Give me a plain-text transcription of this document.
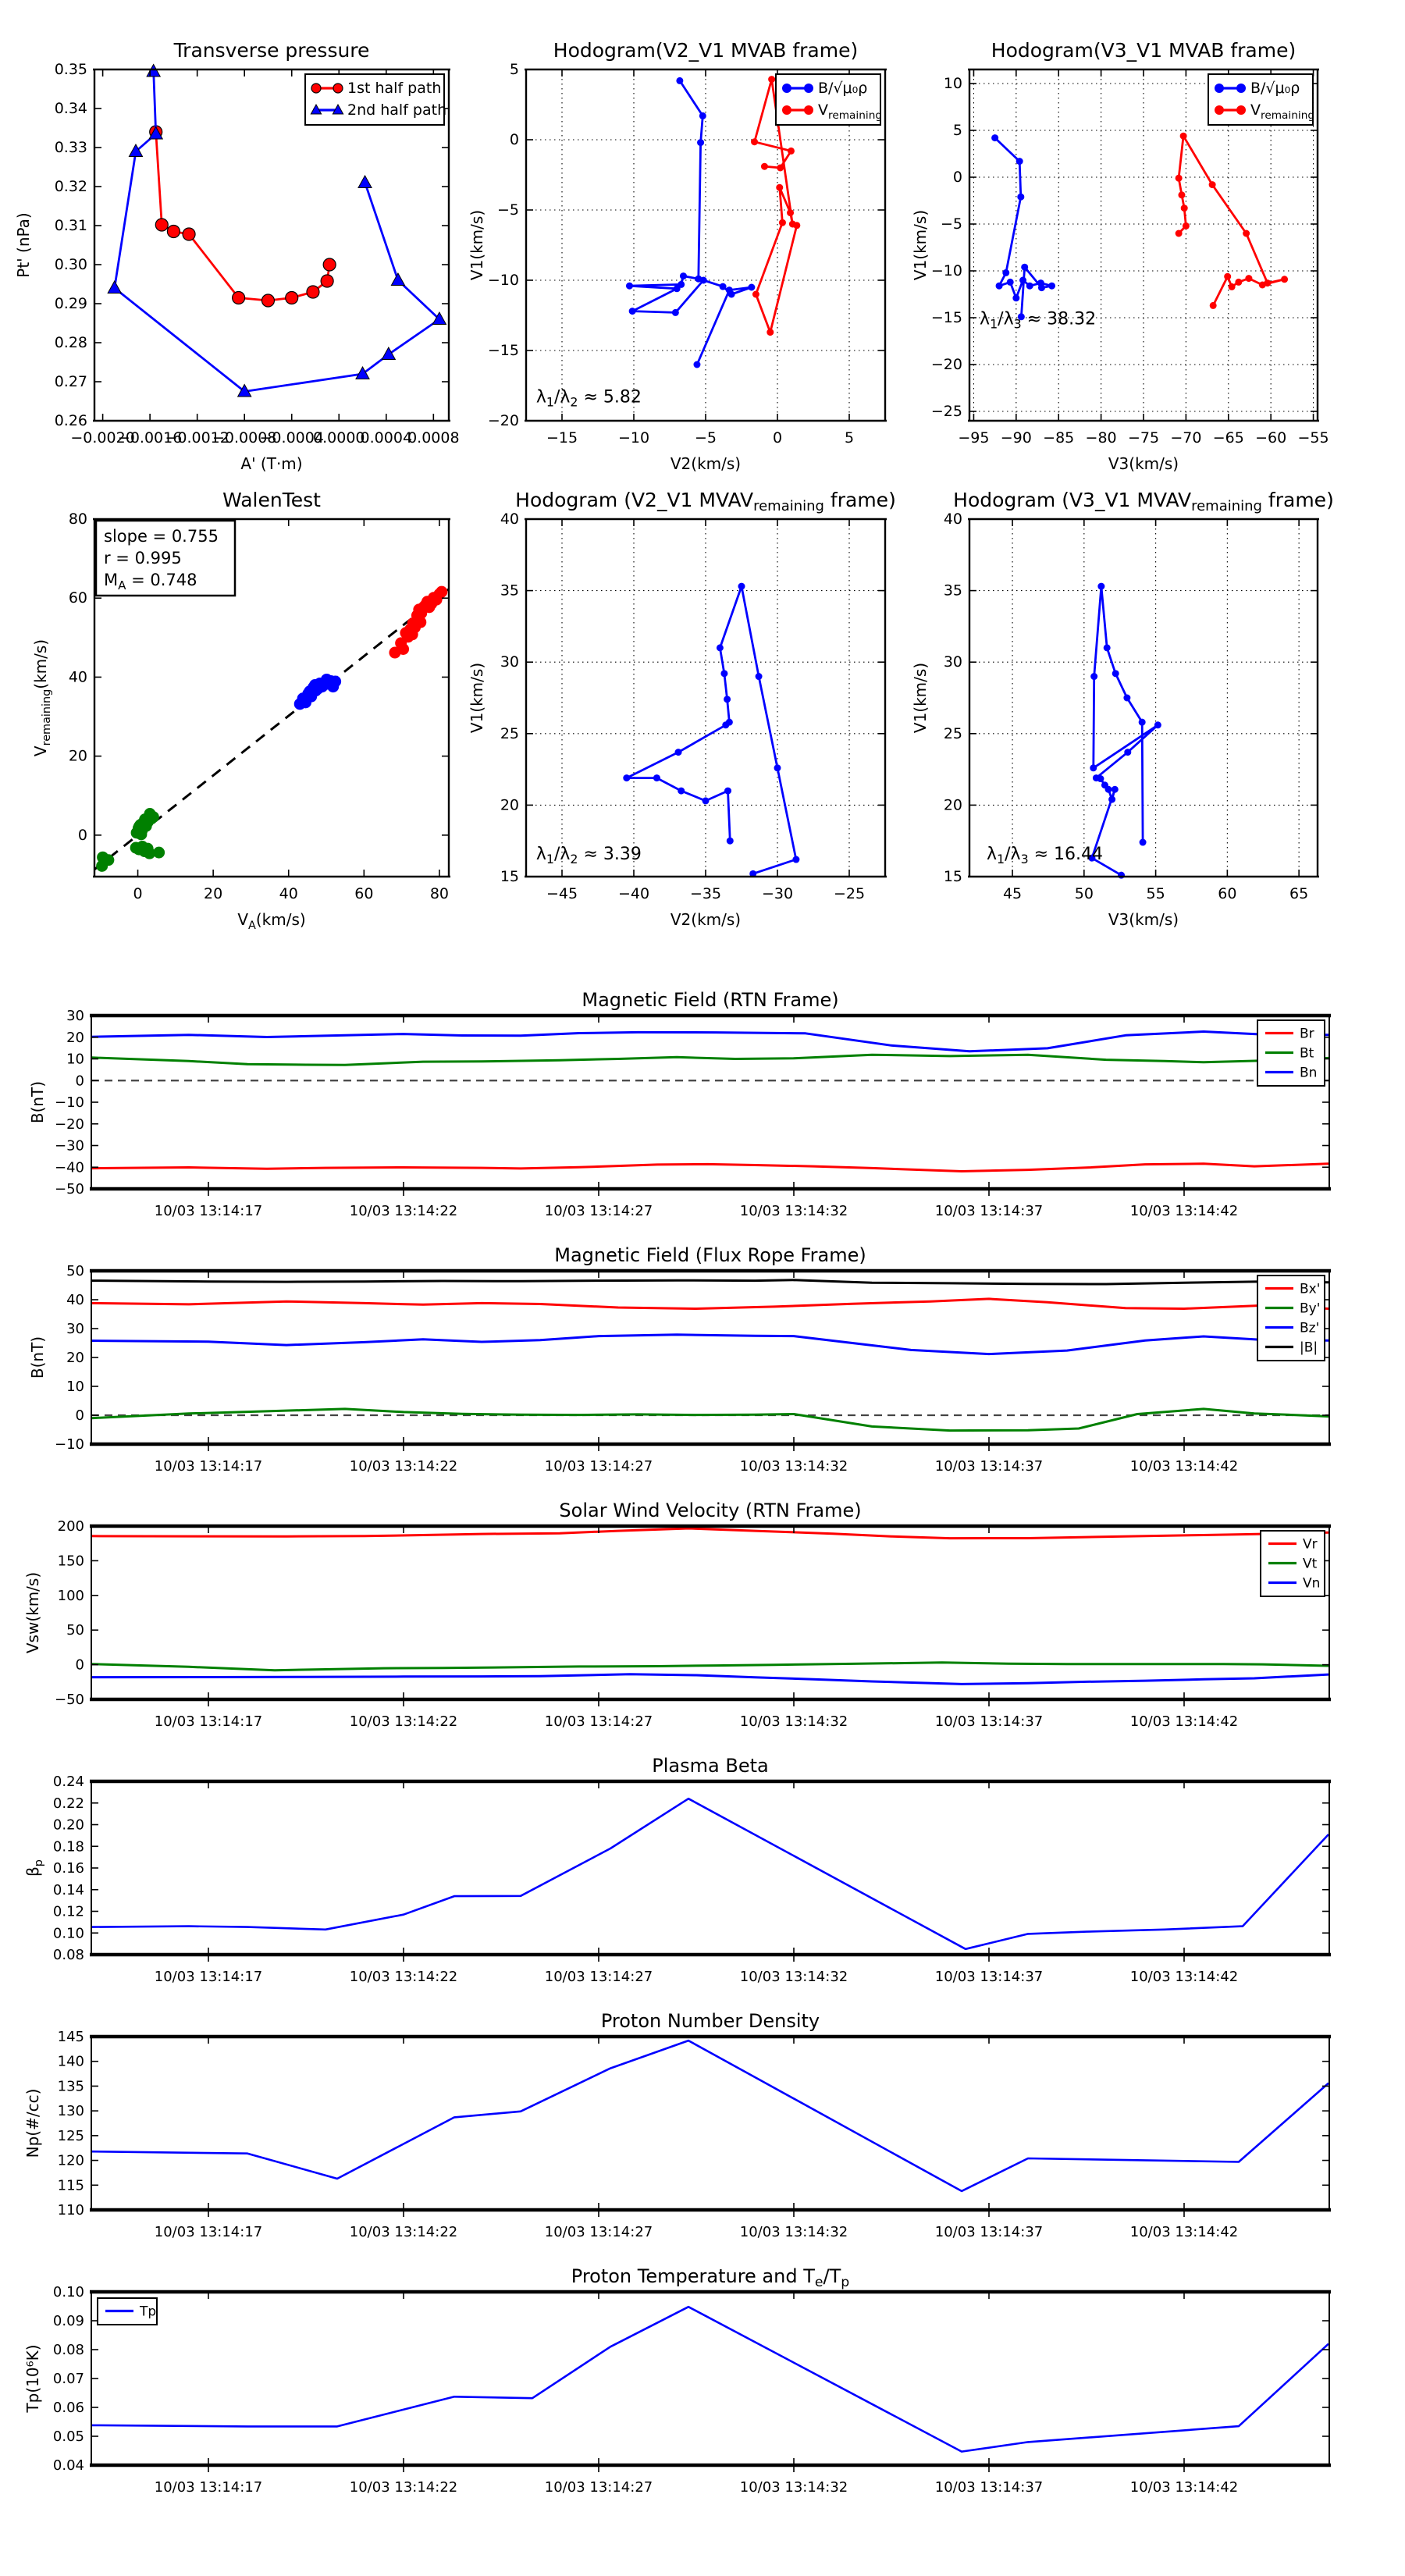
−0.0020
−0.0016
−0.0012
−0.0008
−0.0004
0.0000
0.0004
0.0008
0.26
0.27
0.28
0.29
0.30
0.31
0.32
0.33
0.34
0.35
Transverse pressure
A' (T·m)
Pt' (nPa)
1st half path
2nd half path
−15	−10	−5	0	5
5
0
−5
−10
−15
−20
Hodogram(V2_V1 MVAB frame)
V2(km/s)
V1(km/s)
$\lambda_1/\lambda_2 \approx 5.82$
B/√μ₀ρ
$V_{remaining}$
−95 −90 −85 −80 −75 −70 −65 −60 −55
10
5
0
−5
−10
−15
−20
−25
Hodogram(V3_V1 MVAB frame)
V3(km/s)
V1(km/s)
$\lambda_1/\lambda_3 \approx 38.32$
B/√μ₀ρ
$V_{remaining}$
0	20	40	60	80
0
20
40
60
80
WalenTest
$V_A(km/s)$
$V_{remaining}(km/s)$
slope = 0.755
r = 0.995
$M_A = 0.748$
−45	−40	−35	−30	−25
15
20
25
30
35
40
Hodogram (V2_V1 $MVAV_{remaining}$ frame)
V2(km/s)
V1(km/s)
$\lambda_1/\lambda_2 \approx 3.39$
45	50	55	60	65
15
20
25
30
35
40
Hodogram (V3_V1 $MVAV_{remaining}$ frame)
V3(km/s)
V1(km/s)
$\lambda_1/\lambda_3 \approx 16.44$
10/03 13:14:17	10/03 13:14:22	10/03 13:14:27	10/03 13:14:32	10/03 13:14:37	10/03 13:14:42
30
20
10
0
−10
−20
−30
−40
−50
Magnetic Field (RTN Frame)
B(nT)
Br
Bt
Bn
10/03 13:14:17	10/03 13:14:22	10/03 13:14:27	10/03 13:14:32	10/03 13:14:37	10/03 13:14:42
50
40
30
20
10
0
−10
Magnetic Field (Flux Rope Frame)
B(nT)
Bx'
By'
Bz'
|B|
10/03 13:14:17	10/03 13:14:22	10/03 13:14:27	10/03 13:14:32	10/03 13:14:37	10/03 13:14:42
200
150
100
50
0
−50
Solar Wind Velocity (RTN Frame)
Vsw(km/s)
Vr
Vt
Vn
10/03 13:14:17	10/03 13:14:22	10/03 13:14:27	10/03 13:14:32	10/03 13:14:37	10/03 13:14:42
0.08
0.10
0.12
0.14
0.16
0.18
0.20
0.22
0.24
Plasma Beta
$\beta_p$
10/03 13:14:17	10/03 13:14:22	10/03 13:14:27	10/03 13:14:32	10/03 13:14:37	10/03 13:14:42
110
115
120
125
130
135
140
145
Proton Number Density
Np(#/cc)
10/03 13:14:17	10/03 13:14:22	10/03 13:14:27	10/03 13:14:32	10/03 13:14:37	10/03 13:14:42
0.04
0.05
0.06
0.07
0.08
0.09
0.10
Proton Temperature and $T_e/T_p$
Tp(10⁶K)
Tp
